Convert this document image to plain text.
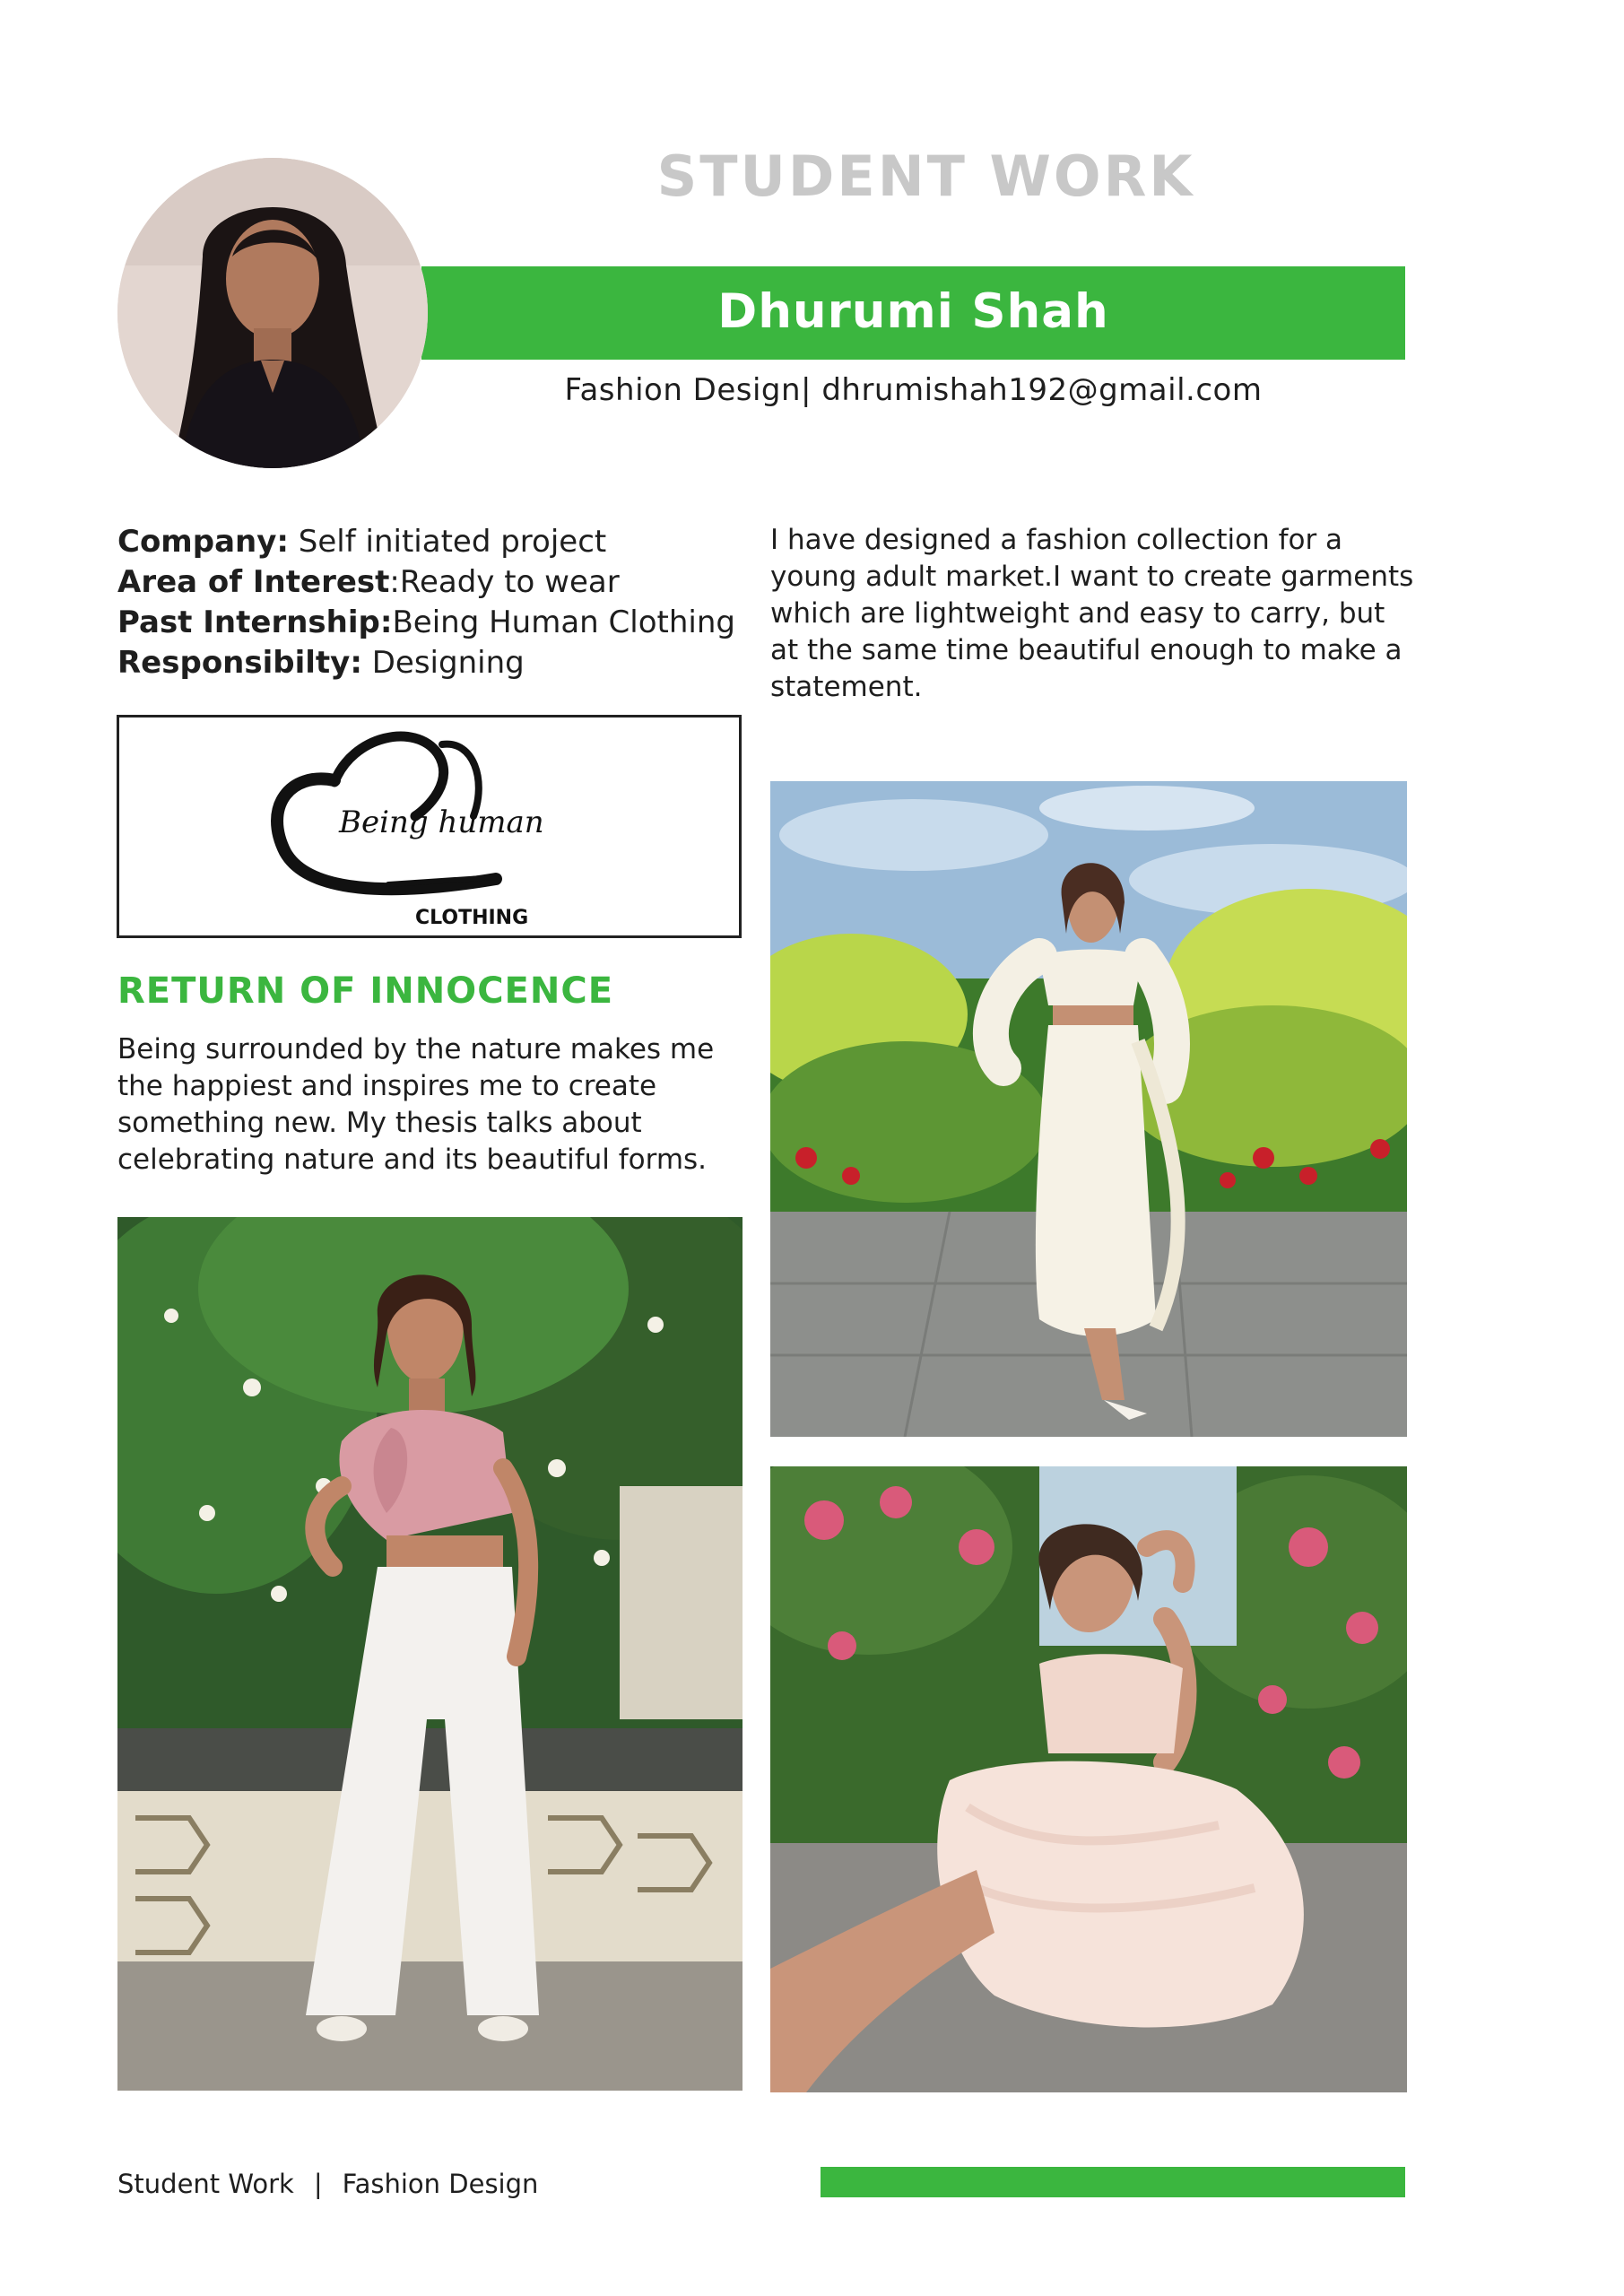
STUDENT WORK
Dhurumi Shah
Fashion Design| dhrumishah192@gmail.com
Company: Self initiated project
Area of Interest:Ready to wear
Past Internship:Being Human Clothing
Responsibilty: Designing
I have designed a fashion collection for a young adult market.I want to create garments which are lightweight and easy to carry, but at the same time beautiful enough to make a statement.
Being human
CLOTHING
RETURN OF INNOCENCE
Being surrounded by the nature makes me the happiest and inspires me to create something new. My thesis talks about celebrating nature and its beautiful forms.
Student Work | Fashion Design
